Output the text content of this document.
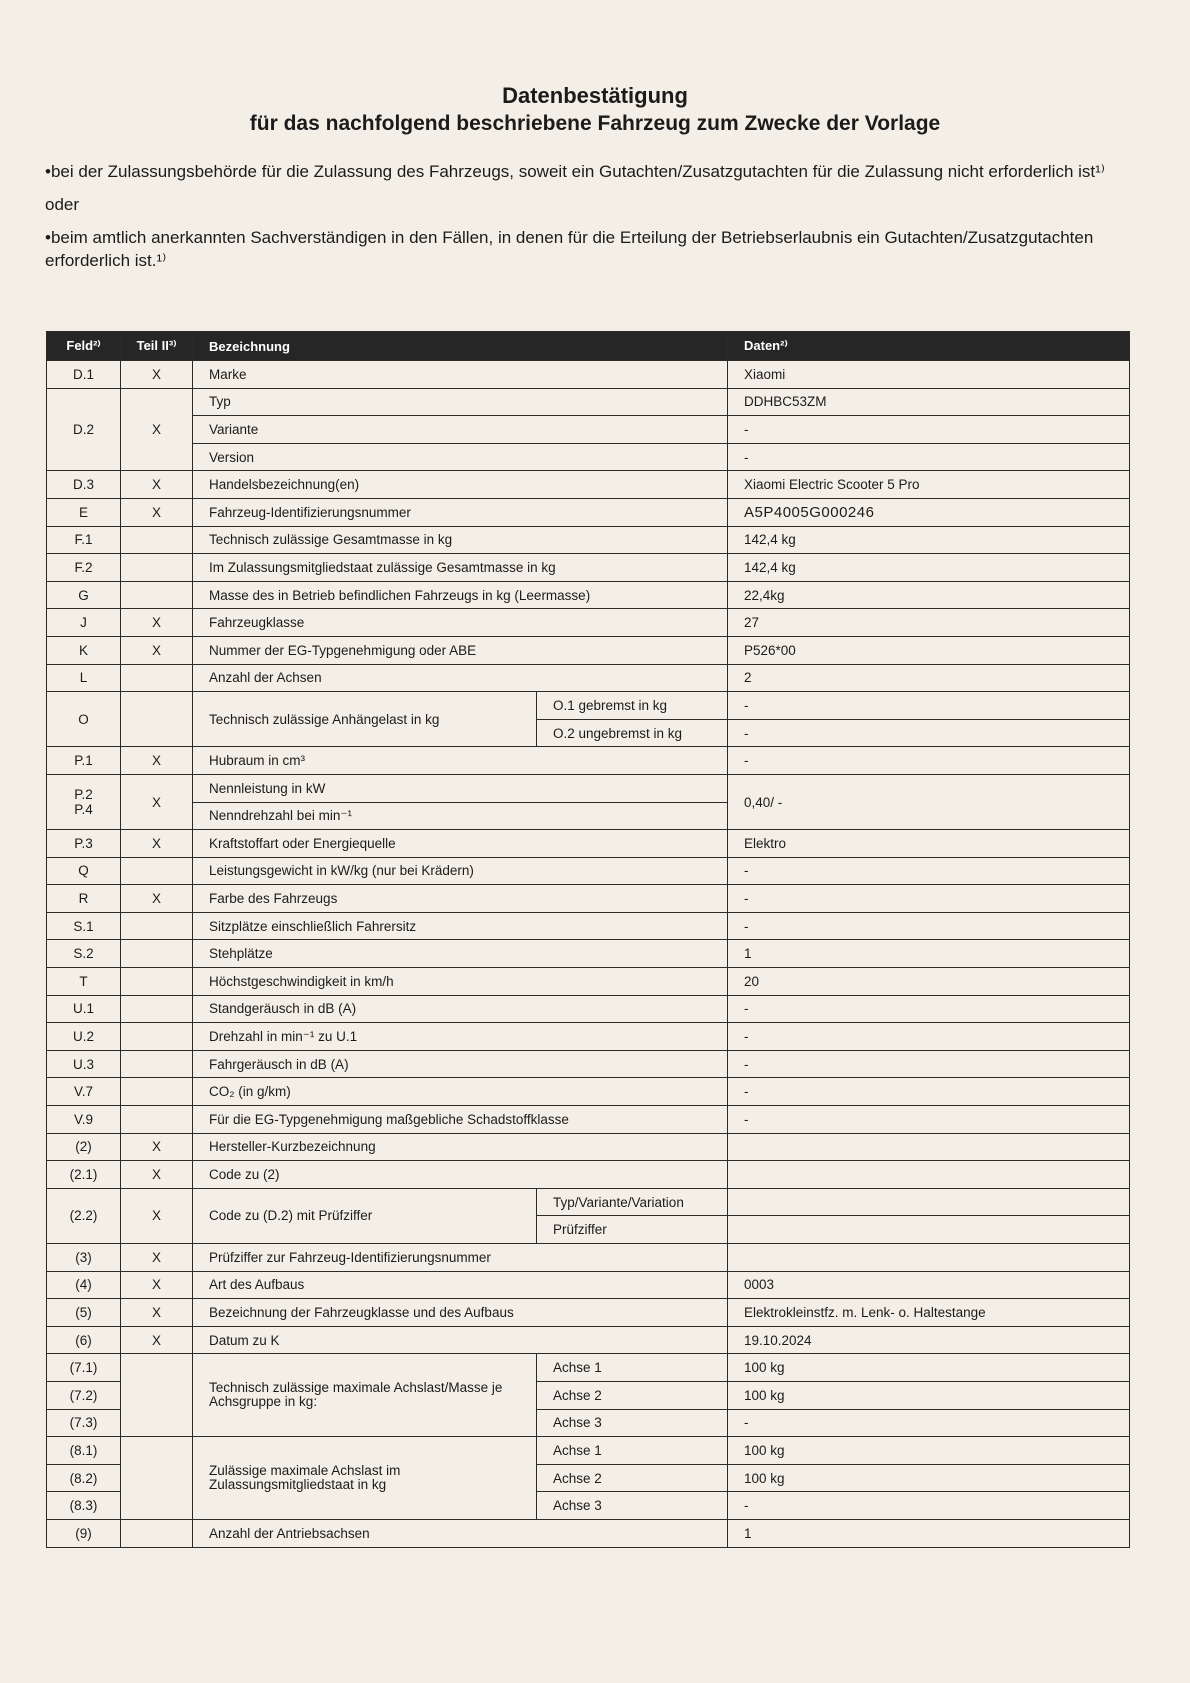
Datenbestätigung
für das nachfolgend beschriebene Fahrzeug zum Zwecke der Vorlage

•bei der Zulassungsbehörde für die Zulassung des Fahrzeugs, soweit ein Gutachten/Zusatzgutachten für die Zulassung nicht erforderlich ist¹⁾

oder

•beim amtlich anerkannten Sachverständigen in den Fällen, in denen für die Erteilung der Betriebserlaubnis ein Gutachten/Zusatzgutachten erforderlich ist.¹⁾

Feld²⁾	Teil II³⁾	Bezeichnung		Daten²⁾
D.1	X	Marke		Xiaomi
D.2	X	Typ		DDHBC53ZM
		Variante		-
		Version		-
D.3	X	Handelsbezeichnung(en)		Xiaomi Electric Scooter 5 Pro
E	X	Fahrzeug-Identifizierungsnummer		A5P4005G000246
F.1		Technisch zulässige Gesamtmasse in kg		142,4 kg
F.2		Im Zulassungsmitgliedstaat zulässige Gesamtmasse in kg		142,4 kg
G		Masse des in Betrieb befindlichen Fahrzeugs in kg (Leermasse)		22,4kg
J	X	Fahrzeugklasse		27
K	X	Nummer der EG-Typgenehmigung oder ABE		P526*00
L		Anzahl der Achsen		2
O		Technisch zulässige Anhängelast in kg	O.1 gebremst in kg	-
			O.2 ungebremst in kg	-
P.1	X	Hubraum in cm³		-
P.2
P.4	X	Nennleistung in kW		0,40/ -
		Nenndrehzahl bei min⁻¹		
P.3	X	Kraftstoffart oder Energiequelle		Elektro
Q		Leistungsgewicht in kW/kg (nur bei Krädern)		-
R	X	Farbe des Fahrzeugs		-
S.1		Sitzplätze einschließlich Fahrersitz		-
S.2		Stehplätze		1
T		Höchstgeschwindigkeit in km/h		20
U.1		Standgeräusch in dB (A)		-
U.2		Drehzahl in min⁻¹ zu U.1		-
U.3		Fahrgeräusch in dB (A)		-
V.7		CO₂ (in g/km)		-
V.9		Für die EG-Typgenehmigung maßgebliche Schadstoffklasse		-
(2)	X	Hersteller-Kurzbezeichnung		
(2.1)	X	Code zu (2)		
(2.2)	X	Code zu (D.2) mit Prüfziffer	Typ/Variante/Variation	
			Prüfziffer	
(3)	X	Prüfziffer zur Fahrzeug-Identifizierungsnummer		
(4)	X	Art des Aufbaus		0003
(5)	X	Bezeichnung der Fahrzeugklasse und des Aufbaus		Elektrokleinstfz. m. Lenk- o. Haltestange
(6)	X	Datum zu K		19.10.2024
(7.1)		Technisch zulässige maximale Achslast/Masse je Achsgruppe in kg:	Achse 1	100 kg
(7.2)			Achse 2	100 kg
(7.3)			Achse 3	-
(8.1)		Zulässige maximale Achslast im Zulassungsmitgliedstaat in kg	Achse 1	100 kg
(8.2)			Achse 2	100 kg
(8.3)			Achse 3	-
(9)		Anzahl der Antriebsachsen		1
